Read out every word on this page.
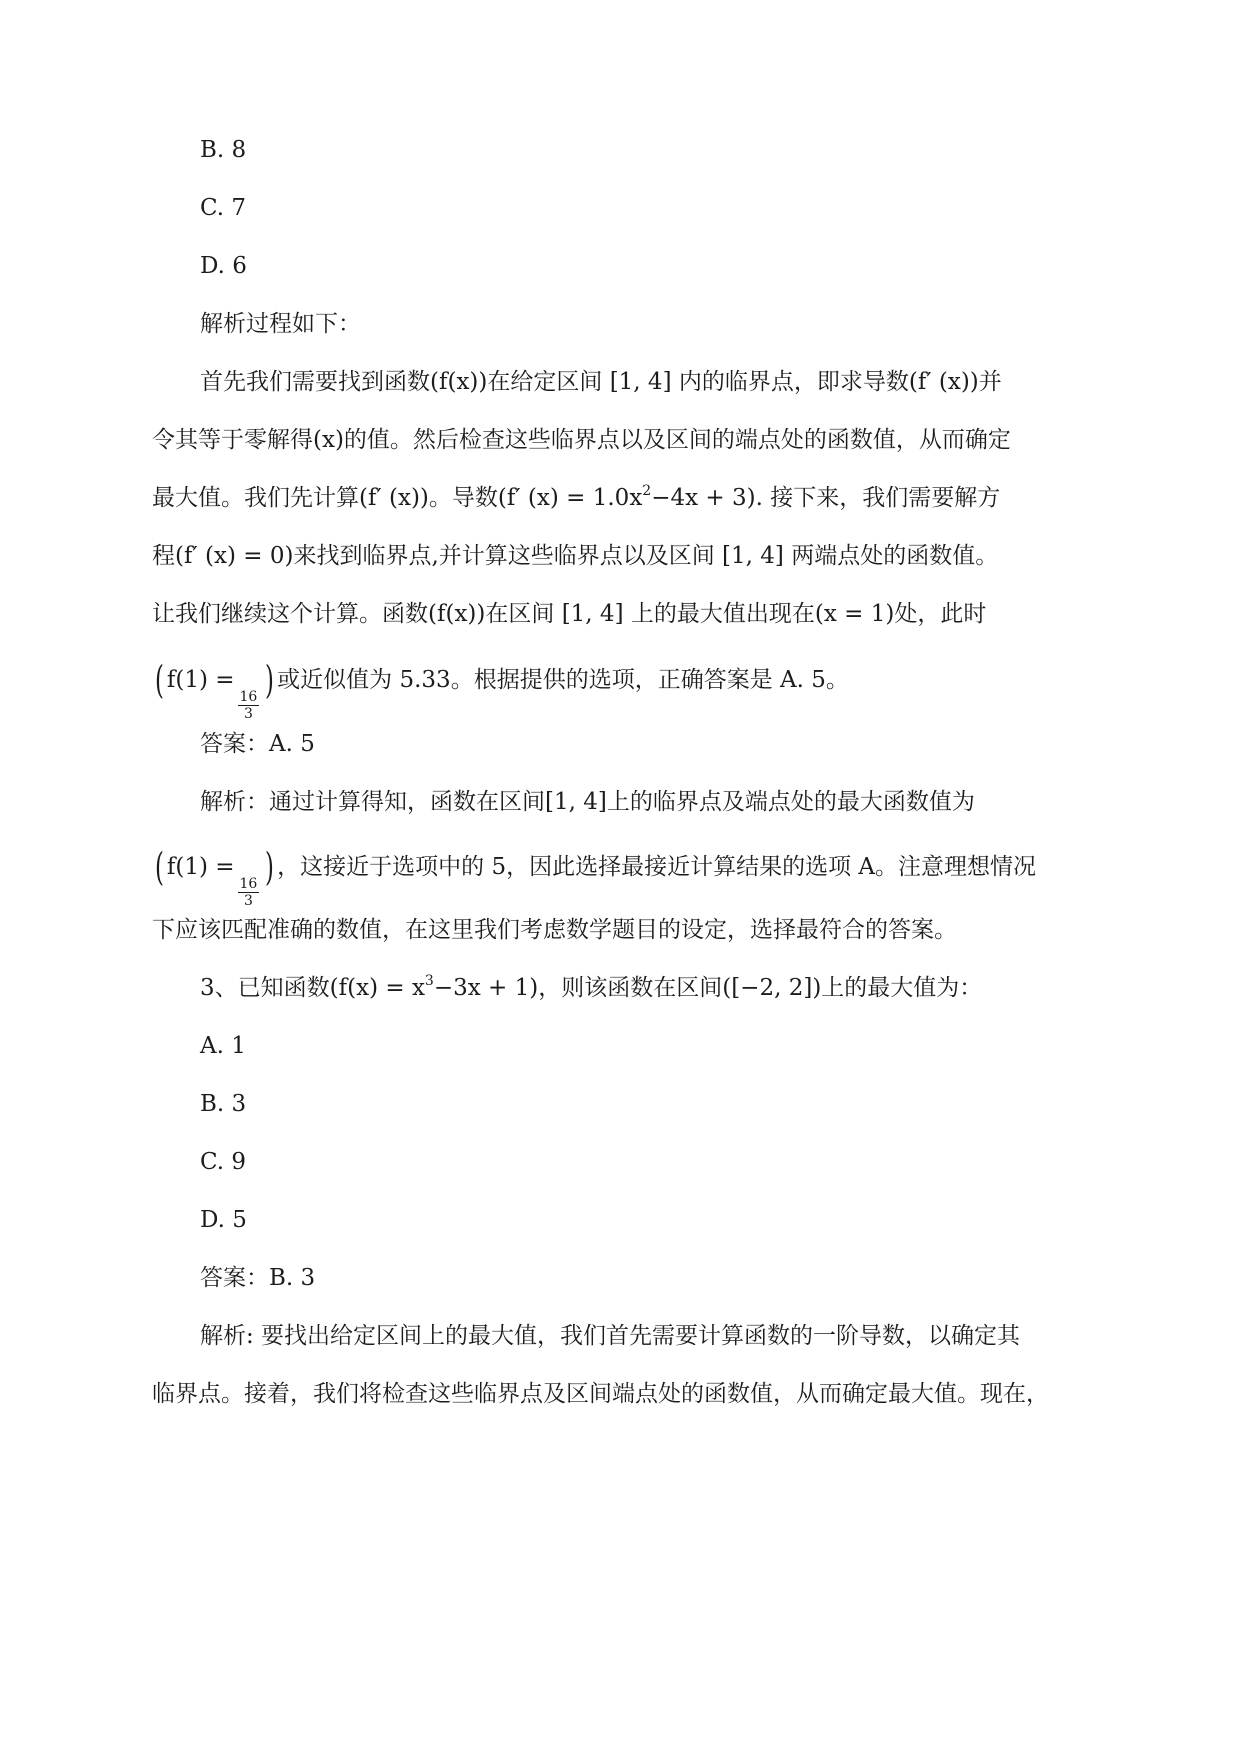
B. 8
C. 7
D. 6
解析过程如下：
首先我们需要找到函数(f(x))在给定区间 [1, 4] 内的临界点，即求导数(f′ (x))并
令其等于零解得(x)的值。然后检查这些临界点以及区间的端点处的函数值，从而确定
最大值。我们先计算(f′ (x))。导数(f′ $(x) = 1.0x^2-4x + 3$). 接下来，我们需要解方
程(f′ (x) = 0)来找到临界点,并计算这些临界点以及区间 [1, 4] 两端点处的函数值。
让我们继续这个计算。函数(f(x))在区间 [1, 4] 上的最大值出现在(x = 1)处，此时
( f(1) =
$\frac{16}{3}$
) 或近似值为 5.33。根据提供的选项，正确答案是 A. 5。
答案：A. 5
解析：通过计算得知，函数在区间[1, 4]上的临界点及端点处的最大函数值为
( f(1) =
$\frac{16}{3}$
) ，这接近于选项中的 5，因此选择最接近计算结果的选项 A。注意理想情况
下应该匹配准确的数值，在这里我们考虑数学题目的设定，选择最符合的答案。
3、已知函数$(f(x) = x^3-3x + 1)$，则该函数在区间([−2, 2])上的最大值为：
A. 1
B. 3
C. 9
D. 5
答案：B. 3
解析: 要找出给定区间上的最大值，我们首先需要计算函数的一阶导数，以确定其
临界点。接着，我们将检查这些临界点及区间端点处的函数值，从而确定最大值。现在，
